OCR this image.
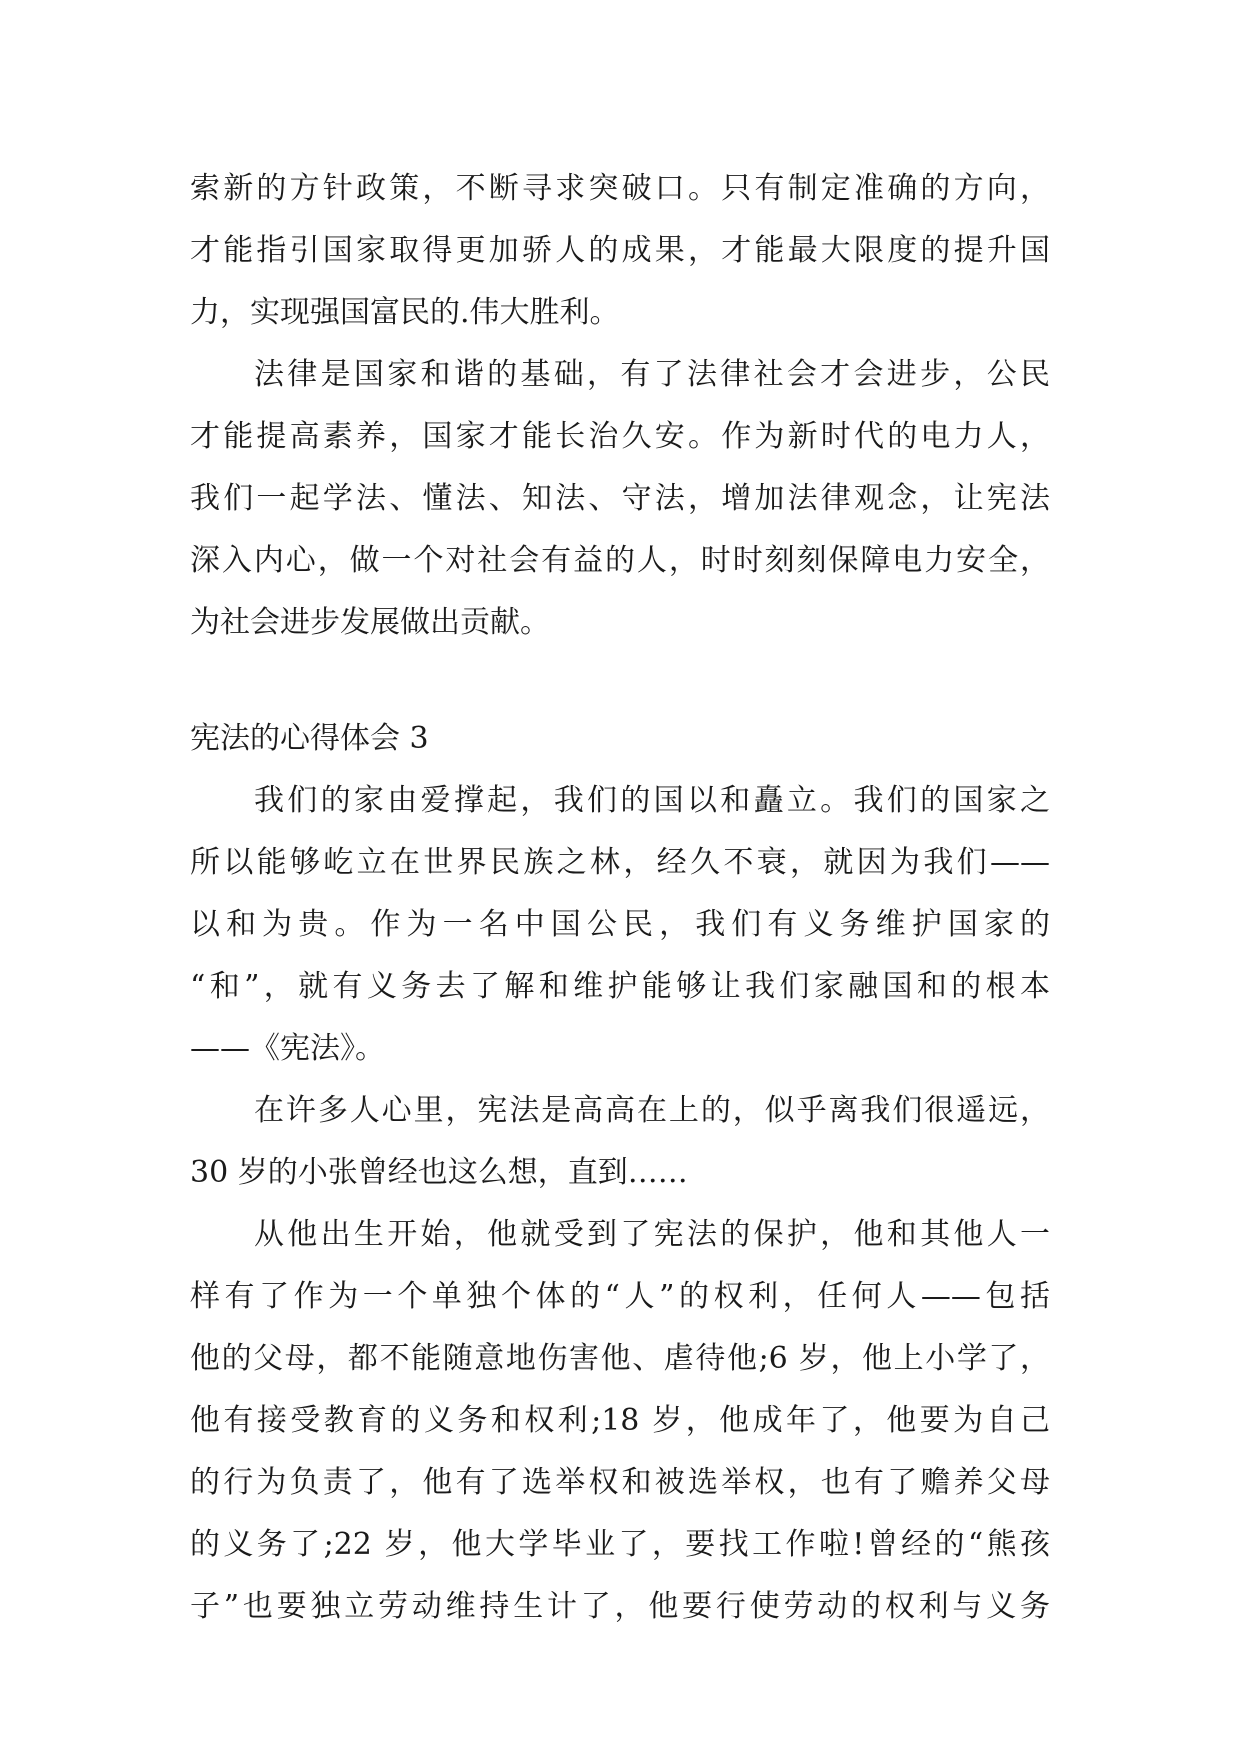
索新的方针政策，不断寻求突破口。只有制定准确的方向，
才能指引国家取得更加骄人的成果，才能最大限度的提升国
力，实现强国富民的.伟大胜利。
法律是国家和谐的基础，有了法律社会才会进步，公民
才能提高素养，国家才能长治久安。作为新时代的电力人，
我们一起学法、懂法、知法、守法，增加法律观念，让宪法
深入内心，做一个对社会有益的人，时时刻刻保障电力安全，
为社会进步发展做出贡献。
宪法的心得体会 3
我们的家由爱撑起，我们的国以和矗立。我们的国家之
所以能够屹立在世界民族之林，经久不衰，就因为我们——
以和为贵。作为一名中国公民，我们有义务维护国家的
“和”，就有义务去了解和维护能够让我们家融国和的根本
——《宪法》。
在许多人心里，宪法是高高在上的，似乎离我们很遥远，
30 岁的小张曾经也这么想，直到……
从他出生开始，他就受到了宪法的保护，他和其他人一
样有了作为一个单独个体的“人”的权利，任何人——包括
他的父母，都不能随意地伤害他、虐待他;6 岁，他上小学了，
他有接受教育的义务和权利;18 岁，他成年了，他要为自己
的行为负责了，他有了选举权和被选举权，也有了赡养父母
的义务了;22 岁，他大学毕业了，要找工作啦!曾经的“熊孩
子”也要独立劳动维持生计了，他要行使劳动的权利与义务
